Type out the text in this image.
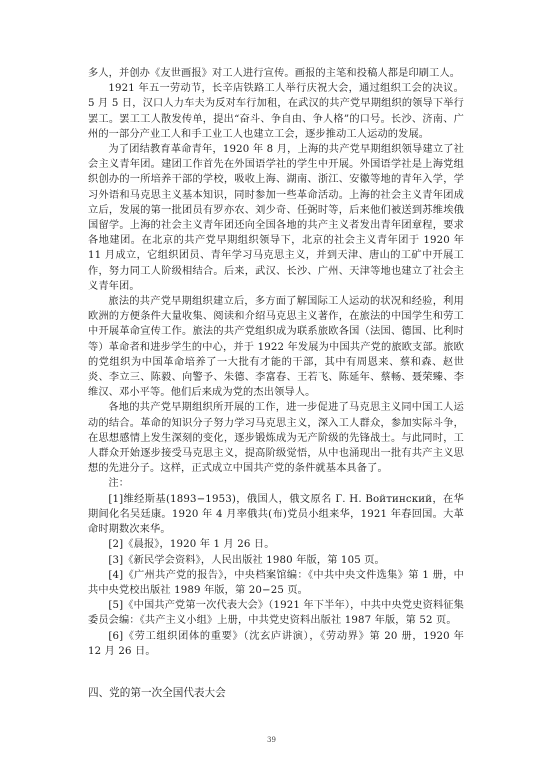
多人，并创办《友世画报》对工人进行宣传。画报的主笔和投稿人都是印刷工人。

1921 年五一劳动节，长辛店铁路工人举行庆祝大会，通过组织工会的决议。5 月 5 日，汉口人力车夫为反对车行加租，在武汉的共产党早期组织的领导下举行罢工。罢工工人散发传单，提出“奋斗、争自由、争人格”的口号。长沙、济南、广州的一部分产业工人和手工业工人也建立工会，逐步推动工人运动的发展。

为了团结教育革命青年，1920 年 8 月，上海的共产党早期组织领导建立了社会主义青年团。建团工作首先在外国语学社的学生中开展。外国语学社是上海党组织创办的一所培养干部的学校，吸收上海、湖南、浙江、安徽等地的青年入学，学习外语和马克思主义基本知识，同时参加一些革命活动。上海的社会主义青年团成立后，发展的第一批团员有罗亦农、刘少奇、任弼时等，后来他们被送到苏维埃俄国留学。上海的社会主义青年团还向全国各地的共产主义者发出青年团章程，要求各地建团。在北京的共产党早期组织领导下，北京的社会主义青年团于 1920 年 11 月成立，它组织团员、青年学习马克思主义，并到天津、唐山的工矿中开展工作，努力同工人阶级相结合。后来，武汉、长沙、广州、天津等地也建立了社会主义青年团。

旅法的共产党早期组织建立后，多方面了解国际工人运动的状况和经验，利用欧洲的方便条件大量收集、阅读和介绍马克思主义著作，在旅法的中国学生和劳工中开展革命宣传工作。旅法的共产党组织成为联系旅欧各国（法国、德国、比利时等）革命者和进步学生的中心，并于 1922 年发展为中国共产党的旅欧支部。旅欧的党组织为中国革命培养了一大批有才能的干部，其中有周恩来、蔡和森、赵世炎、李立三、陈毅、向警予、朱德、李富春、王若飞、陈延年、蔡畅、聂荣臻、李维汉、邓小平等。他们后来成为党的杰出领导人。

各地的共产党早期组织所开展的工作，进一步促进了马克思主义同中国工人运动的结合。革命的知识分子努力学习马克思主义，深入工人群众，参加实际斗争，在思想感情上发生深刻的变化，逐步锻炼成为无产阶级的先锋战士。与此同时，工人群众开始逐步接受马克思主义，提高阶级觉悟，从中也涌现出一批有共产主义思想的先进分子。这样，正式成立中国共产党的条件就基本具备了。

注：

[1]维经斯基(1893−1953)，俄国人，俄文原名 Г. Н. Войтинский，在华期间化名吴廷康。1920 年 4 月率俄共(布)党员小组来华，1921 年春回国。大革命时期数次来华。

[2]《晨报》，1920 年 1 月 26 日。

[3]《新民学会资料》，人民出版社 1980 年版，第 105 页。

[4]《广州共产党的报告》，中央档案馆编：《中共中央文件选集》第 1 册，中共中央党校出版社 1989 年版，第 20−25 页。

[5]《中国共产党第一次代表大会》（1921 年下半年），中共中央党史资料征集委员会编：《共产主义小组》上册，中共党史资料出版社 1987 年版，第 52 页。

[6]《劳工组织团体的重要》（沈玄庐讲演），《劳动界》第 20 册，1920 年 12 月 26 日。

四、党的第一次全国代表大会

39
